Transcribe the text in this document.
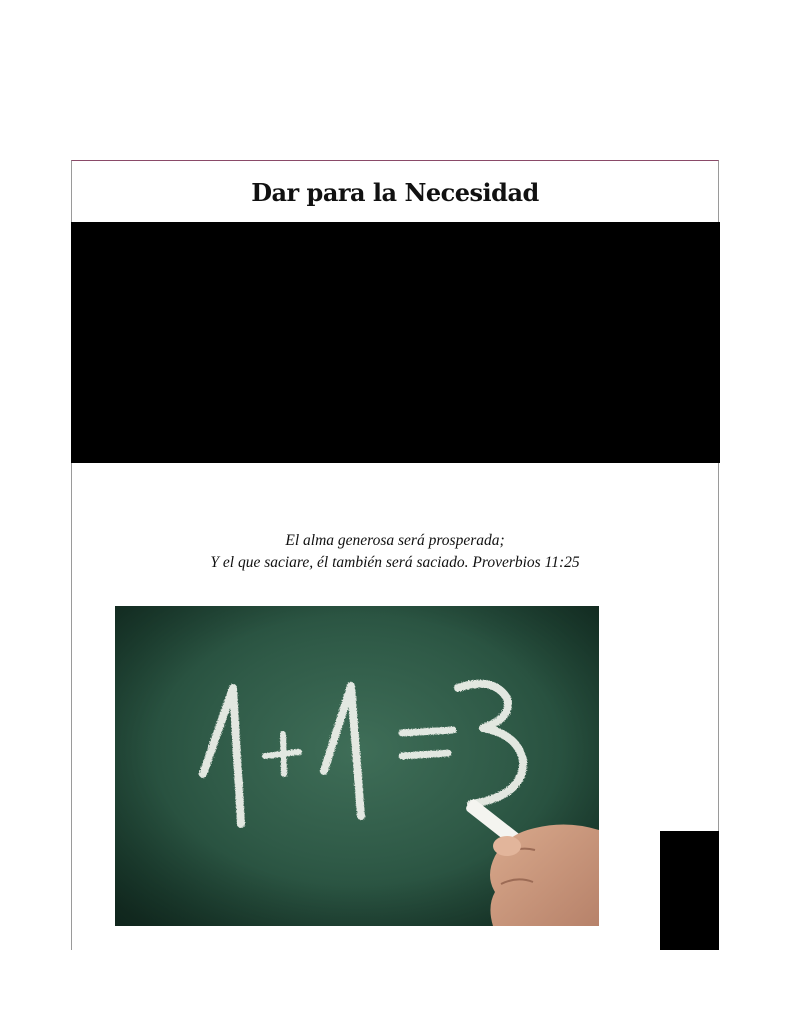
Dar para la Necesidad
El alma generosa será prosperada;
Y el que saciare, él también será saciado. Proverbios 11:25
